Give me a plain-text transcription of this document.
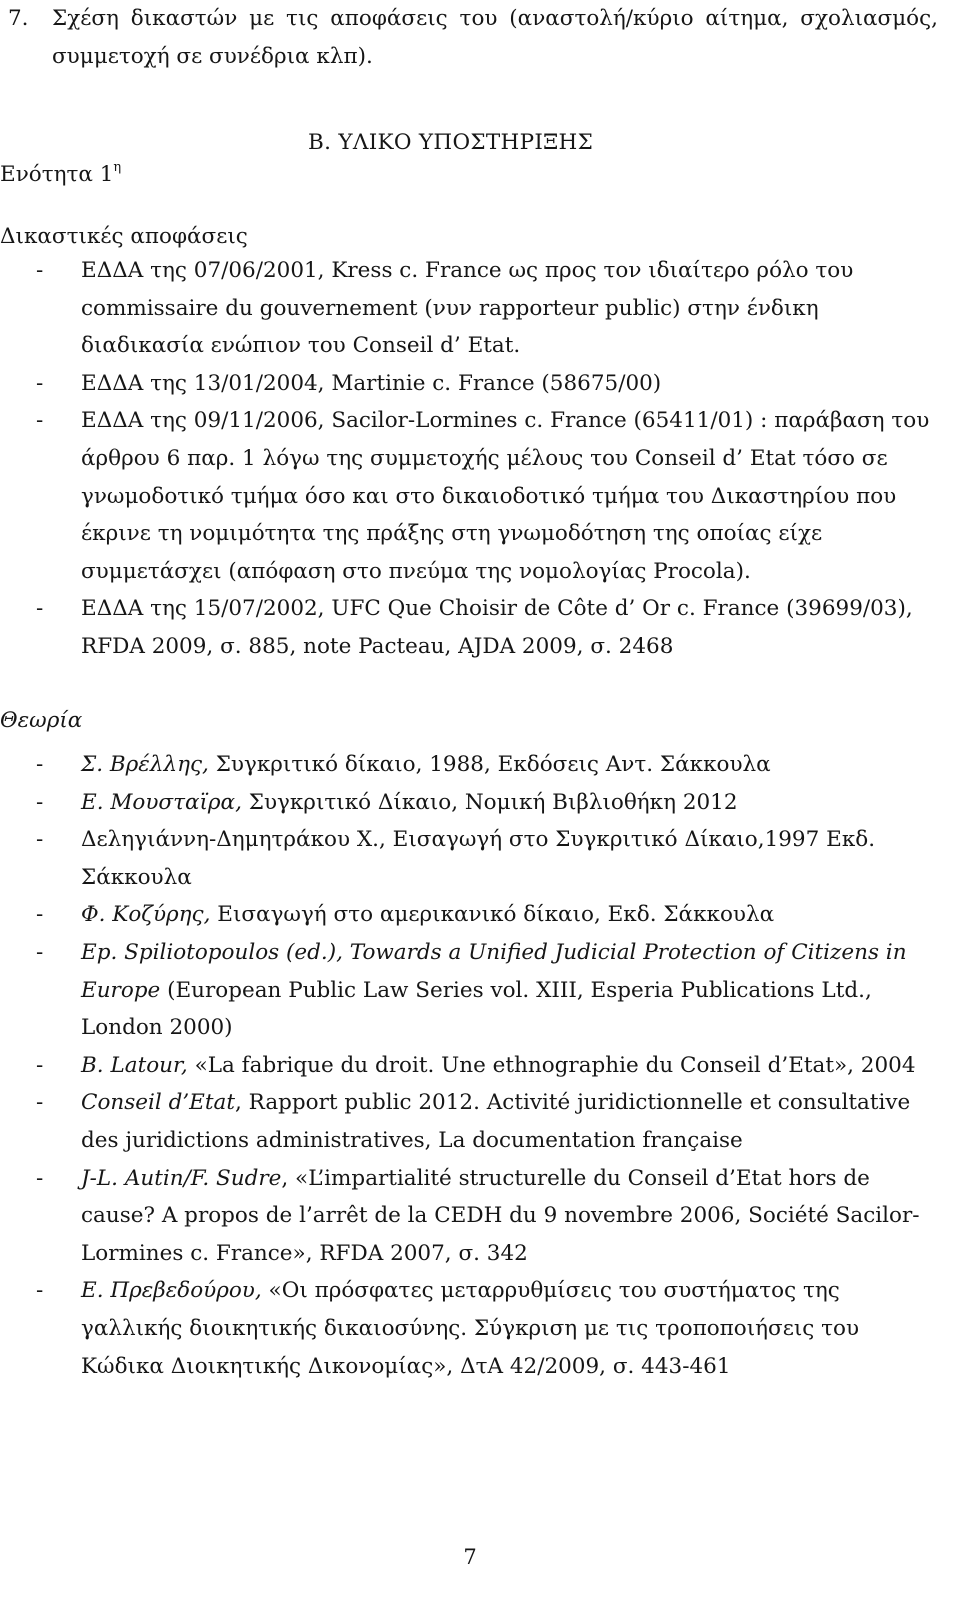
7. Σχέση δικαστών με τις αποφάσεις του (αναστολή/κύριο αίτημα, σχολιασμός, συμμετοχή σε συνέδρια κλπ).
Β. ΥΛΙΚΟ ΥΠΟΣΤΗΡΙΞΗΣ
Ενότητα $1^\eta$
Δικαστικές αποφάσεις
- ΕΔΔΑ της 07/06/2001, Kress c. France ως προς τον ιδιαίτερο ρόλο του commissaire du gouvernement (νυν rapporteur public) στην ένδικη διαδικασία ενώπιον του Conseil d’ Etat.
- ΕΔΔΑ της 13/01/2004, Martinie c. France (58675/00)
- ΕΔΔΑ της 09/11/2006, Sacilor-Lormines c. France (65411/01) : παράβαση του άρθρου 6 παρ. 1 λόγω της συμμετοχής μέλους του Conseil d’ Etat τόσο σε γνωμοδοτικό τμήμα όσο και στο δικαιοδοτικό τμήμα του Δικαστηρίου που έκρινε τη νομιμότητα της πράξης στη γνωμοδότηση της οποίας είχε συμμετάσχει (απόφαση στο πνεύμα της νομολογίας Procola).
- ΕΔΔΑ της 15/07/2002, UFC Que Choisir de Côte d’ Or c. France (39699/03), RFDA 2009, σ. 885, note Pacteau, AJDA 2009, σ. 2468
Θεωρία
- Σ. Βρέλλης, Συγκριτικό δίκαιο, 1988, Εκδόσεις Αντ. Σάκκουλα
- Ε. Μουσταϊρα, Συγκριτικό Δίκαιο, Νομική Βιβλιοθήκη 2012
- Δεληγιάννη-Δημητράκου Χ., Εισαγωγή στο Συγκριτικό Δίκαιο,1997 Εκδ. Σάκκουλα
- Φ. Κοζύρης, Εισαγωγή στο αμερικανικό δίκαιο, Εκδ. Σάκκουλα
- Ep. Spiliotopoulos (ed.), Towards a Unified Judicial Protection of Citizens in Europe (European Public Law Series vol. XIII, Esperia Publications Ltd., London 2000)
- B. Latour, «La fabrique du droit. Une ethnographie du Conseil d’Etat», 2004
- Conseil d’Etat, Rapport public 2012. Activité juridictionnelle et consultative des juridictions administratives, La documentation française
- J-L. Autin/F. Sudre, «L’impartialité structurelle du Conseil d’Etat hors de cause? A propos de l’arrêt de la CEDH du 9 novembre 2006, Société Sacilor-Lormines c. France», RFDA 2007, σ. 342
- Ε. Πρεβεδούρου, «Οι πρόσφατες μεταρρυθμίσεις του συστήματος της γαλλικής διοικητικής δικαιοσύνης. Σύγκριση με τις τροποποιήσεις του Κώδικα Διοικητικής Δικονομίας», ΔτΑ 42/2009, σ. 443-461
7
